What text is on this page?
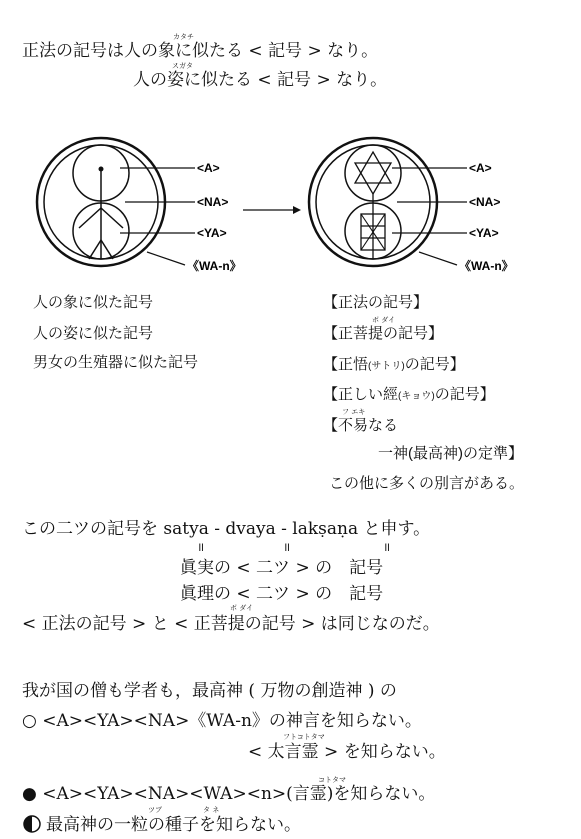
正法の記号は人の象に似たる < 記号 > なり。
カタチ
人の姿に似たる < 記号 > なり。
スガタ
<A>
<NA>
<YA>
《WA-n》
<A>
<NA>
<YA>
《WA-n》
人の象に似た記号
人の姿に似た記号
男女の生殖器に似た記号
【正法の記号】
ボ ダイ
【正菩提の記号】
【正悟(サトリ)の記号】
【正しい經(キョウ)の記号】
フ エキ
【不易なる
一神(最高神)の定準】
この他に多くの別言がある。
この二ツの記号を satya - dvaya - lakṣaṇa と申す。
॥	॥	॥
眞実の < 二ツ > の　記号
眞理の < 二ツ > の　記号
ボ ダイ
< 正法の記号 > と < 正菩提の記号 > は同じなのだ。
我が国の僧も学者も，最高神 ( 万物の創造神 ) の
○ <A><YA><NA>《WA-n》の神言を知らない。
フトコトタマ
< 太言霊 > を知らない。
コトタマ
● <A><YA><NA><WA><n>(言霊)を知らない。
ツブ	タ ネ
最高神の一粒の種子を知らない。
